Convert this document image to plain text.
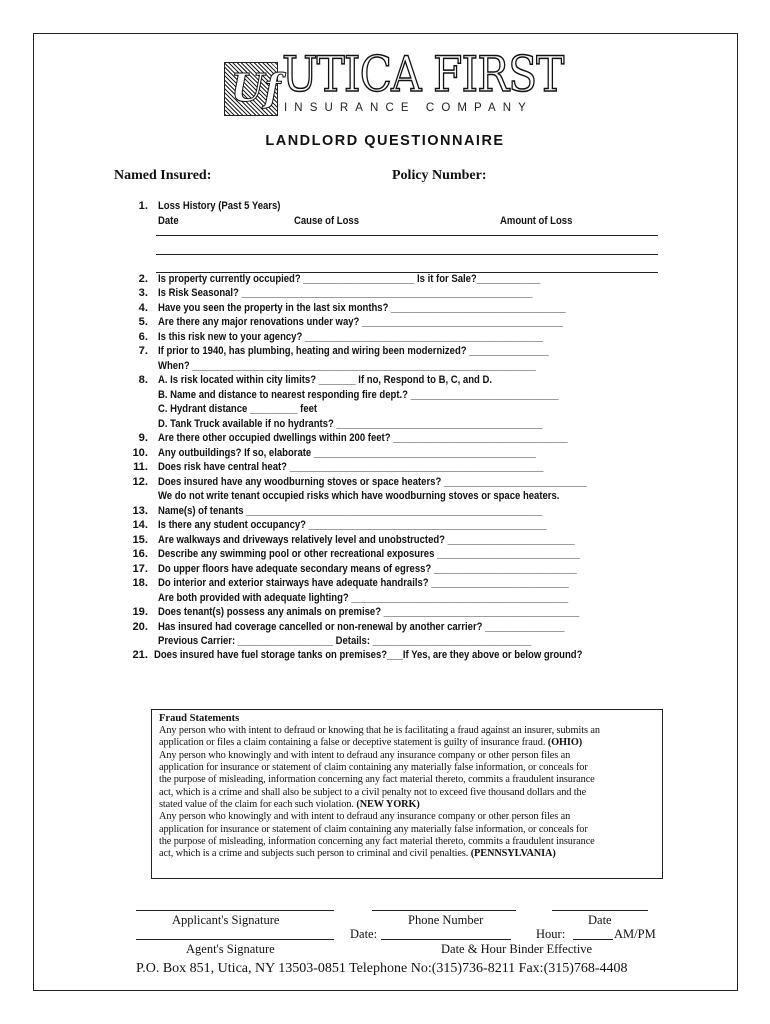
Uf UTICA FIRST
INSURANCE COMPANY
LANDLORD QUESTIONNAIRE
Named Insured:	Policy Number:
1. Loss History (Past 5 Years)
Date	Cause of Loss	Amount of Loss
2. Is property currently occupied? _____________________ Is it for Sale?____________
3. Is Risk Seasonal? _______________________________________________________
4. Have you seen the property in the last six months? _________________________________
5. Are there any major renovations under way? ______________________________________
6. Is this risk new to your agency? _____________________________________________
7. If prior to 1940, has plumbing, heating and wiring been modernized? _______________
When? _________________________________________________________________
8. A. Is risk located within city limits? _______ If no, Respond to B, C, and D.
B. Name and distance to nearest responding fire dept.? ____________________________
C. Hydrant distance _________ feet
D. Tank Truck available if no hydrants? _______________________________________
9. Are there other occupied dwellings within 200 feet? _________________________________
10. Any outbuildings? If so, elaborate __________________________________________
11. Does risk have central heat? ________________________________________________
12. Does insured have any woodburning stoves or space heaters? ___________________________
We do not write tenant occupied risks which have woodburning stoves or space heaters.
13. Name(s) of tenants ________________________________________________________
14. Is there any student occupancy? _____________________________________________
15. Are walkways and driveways relatively level and unobstructed? ________________________
16. Describe any swimming pool or other recreational exposures ___________________________
17. Do upper floors have adequate secondary means of egress? ___________________________
18. Do interior and exterior stairways have adequate handrails? __________________________
Are both provided with adequate lighting? _________________________________________
19. Does tenant(s) possess any animals on premise? _____________________________________
20. Has insured had coverage cancelled or non-renewal by another carrier? _______________
Previous Carrier: __________________ Details: ______________________________
21. Does insured have fuel storage tanks on premises?___If Yes, are they above or below ground?
Fraud Statements
Any person who with intent to defraud or knowing that he is facilitating a fraud against an insurer, submits an
application or files a claim containing a false or deceptive statement is guilty of insurance fraud. (OHIO)
Any person who knowingly and with intent to defraud any insurance company or other person files an
application for insurance or statement of claim containing any materially false information, or conceals for
the purpose of misleading, information concerning any fact material thereto, commits a fraudulent insurance
act, which is a crime and shall also be subject to a civil penalty not to exceed five thousand dollars and the
stated value of the claim for each such violation. (NEW YORK)
Any person who knowingly and with intent to defraud any insurance company or other person files an
application for insurance or statement of claim containing any materially false information, or conceals for
the purpose of misleading, information concerning any fact material thereto, commits a fraudulent insurance
act, which is a crime and subjects such person to criminal and civil penalties. (PENNSYLVANIA)
Applicant's Signature	Phone Number	Date
Date:	Hour:	AM/PM
Agent's Signature	Date & Hour Binder Effective
P.O. Box 851, Utica, NY 13503-0851 Telephone No:(315)736-8211 Fax:(315)768-4408
